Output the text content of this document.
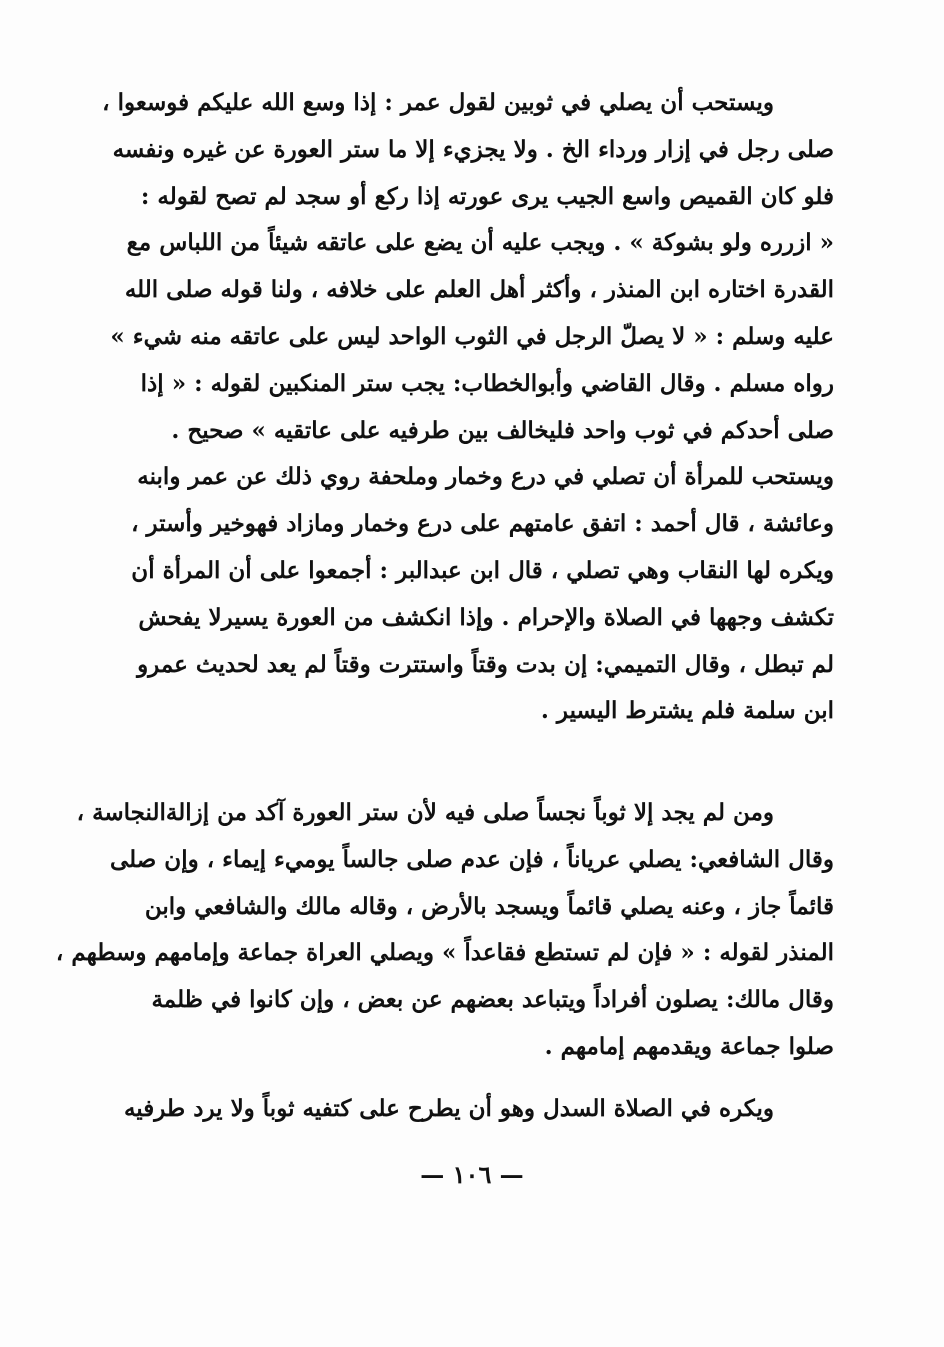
ويستحب أن يصلي في ثوبين لقول عمر : إذا وسع الله عليكم فوسعوا ،
صلى رجل في إزار ورداء الخ . ولا يجزيء إلا ما ستر العورة عن غيره ونفسه
فلو كان القميص واسع الجيب يرى عورته إذا ركع أو سجد لم تصح لقوله :
« ازرره ولو بشوكة » . ويجب عليه أن يضع على عاتقه شيئاً من اللباس مع
القدرة اختاره ابن المنذر ، وأكثر أهل العلم على خلافه ، ولنا قوله صلى الله
عليه وسلم : « لا يصلّ الرجل في الثوب الواحد ليس على عاتقه منه شيء »
رواه مسلم . وقال القاضي وأبوالخطاب: يجب ستر المنكبين لقوله : « إذا
صلى أحدكم في ثوب واحد فليخالف بين طرفيه على عاتقيه » صحيح .
ويستحب للمرأة أن تصلي في درع وخمار وملحفة روي ذلك عن عمر وابنه
وعائشة ، قال أحمد : اتفق عامتهم على درع وخمار ومازاد فهوخير وأستر ،
ويكره لها النقاب وهي تصلي ، قال ابن عبدالبر : أجمعوا على أن المرأة أن
تكشف وجهها في الصلاة والإحرام . وإذا انكشف من العورة يسيرلا يفحش
لم تبطل ، وقال التميمي: إن بدت وقتاً واستترت وقتاً لم يعد لحديث عمرو
ابن سلمة فلم يشترط اليسير .
ومن لم يجد إلا ثوباً نجساً صلى فيه لأن ستر العورة آكد من إزالةالنجاسة ،
وقال الشافعي: يصلي عرياناً ، فإن عدم صلى جالساً يوميء إيماء ، وإن صلى
قائماً جاز ، وعنه يصلي قائماً ويسجد بالأرض ، وقاله مالك والشافعي وابن
المنذر لقوله : « فإن لم تستطع فقاعداً » ويصلي العراة جماعة وإمامهم وسطهم ،
وقال مالك: يصلون أفراداً ويتباعد بعضهم عن بعض ، وإن كانوا في ظلمة
صلوا جماعة ويقدمهم إمامهم .
ويكره في الصلاة السدل وهو أن يطرح على كتفيه ثوباً ولا يرد طرفيه
— ١٠٦ —
